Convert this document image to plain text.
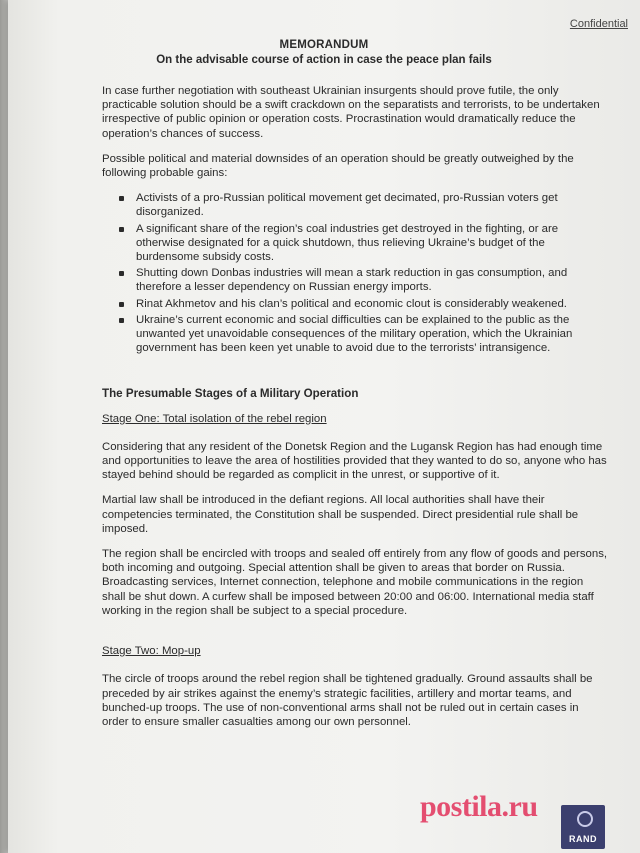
Confidential
MEMORANDUM
On the advisable course of action in case the peace plan fails

In case further negotiation with southeast Ukrainian insurgents should prove futile, the only practicable solution should be a swift crackdown on the separatists and terrorists, to be undertaken irrespective of public opinion or operation costs. Procrastination would dramatically reduce the operation’s chances of success.

Possible political and material downsides of an operation should be greatly outweighed by the following probable gains:

Activists of a pro-Russian political movement get decimated, pro-Russian voters get disorganized.
A significant share of the region’s coal industries get destroyed in the fighting, or are otherwise designated for a quick shutdown, thus relieving Ukraine’s budget of the burdensome subsidy costs.
Shutting down Donbas industries will mean a stark reduction in gas consumption, and therefore a lesser dependency on Russian energy imports.
Rinat Akhmetov and his clan’s political and economic clout is considerably weakened.
Ukraine’s current economic and social difficulties can be explained to the public as the unwanted yet unavoidable consequences of the military operation, which the Ukrainian government has been keen yet unable to avoid due to the terrorists’ intransigence.
The Presumable Stages of a Military Operation
Stage One: Total isolation of the rebel region

Considering that any resident of the Donetsk Region and the Lugansk Region has had enough time and opportunities to leave the area of hostilities provided that they wanted to do so, anyone who has stayed behind should be regarded as complicit in the unrest, or supportive of it.

Martial law shall be introduced in the defiant regions. All local authorities shall have their competencies terminated, the Constitution shall be suspended. Direct presidential rule shall be imposed.

The region shall be encircled with troops and sealed off entirely from any flow of goods and persons, both incoming and outgoing. Special attention shall be given to areas that border on Russia. Broadcasting services, Internet connection, telephone and mobile communications in the region shall be shut down. A curfew shall be imposed between 20:00 and 06:00. International media staff working in the region shall be subject to a special procedure.

Stage Two: Mop-up

The circle of troops around the rebel region shall be tightened gradually. Ground assaults shall be preceded by air strikes against the enemy’s strategic facilities, artillery and mortar teams, and bunched-up troops. The use of non-conventional arms shall not be ruled out in certain cases in order to ensure smaller casualties among our own personnel.

postila.ru
RAND
